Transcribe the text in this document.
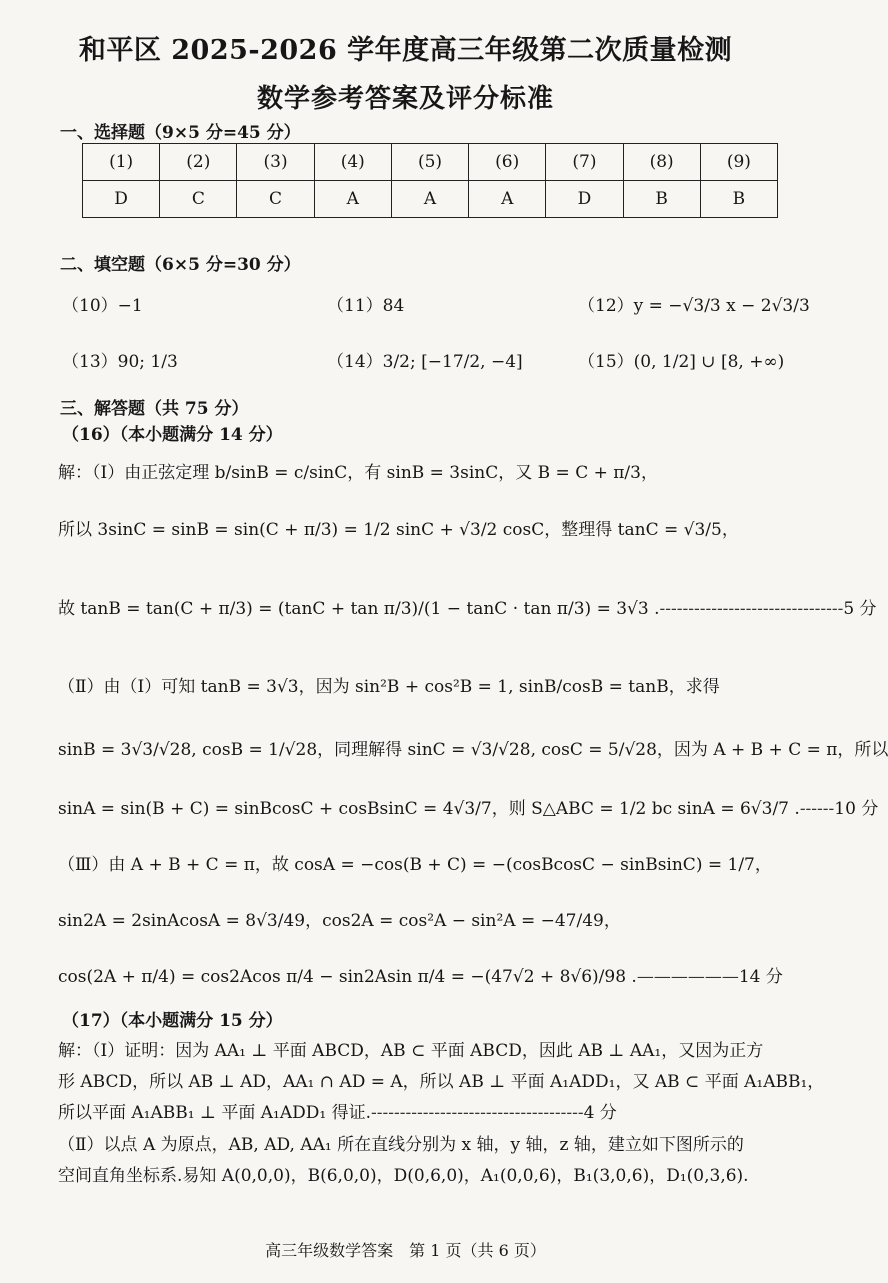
和平区 2025-2026 学年度高三年级第二次质量检测
数学参考答案及评分标准
一、选择题（9×5 分=45 分）
(1)	(2)	(3)	(4)	(5)	(6)	(7)	(8)	(9)
D	C	C	A	A	A	D	B	B
二、填空题（6×5 分=30 分）
（10）−1	（11）84	（12）y = −√3/3 x − 2√3/3
（13）90; 1/3	（14）3/2; [−17/2, −4]	（15）(0, 1/2] ∪ [8, +∞)
三、解答题（共 75 分）
（16）（本小题满分 14 分）
解：（Ⅰ）由正弦定理 b/sinB = c/sinC，有 sinB = 3sinC，又 B = C + π/3，
所以 3sinC = sinB = sin(C + π/3) = 1/2 sinC + √3/2 cosC，整理得 tanC = √3/5，
故 tanB = tan(C + π/3) = (tanC + tan π/3)/(1 − tanC · tan π/3) = 3√3 .--------------------------------5 分
（Ⅱ）由（Ⅰ）可知 tanB = 3√3，因为 sin²B + cos²B = 1, sinB/cosB = tanB，求得
sinB = 3√3/√28, cosB = 1/√28，同理解得 sinC = √3/√28, cosC = 5/√28，因为 A + B + C = π，所以
sinA = sin(B + C) = sinBcosC + cosBsinC = 4√3/7，则 S△ABC = 1/2 bc sinA = 6√3/7 .------10 分
（Ⅲ）由 A + B + C = π，故 cosA = −cos(B + C) = −(cosBcosC − sinBsinC) = 1/7，
sin2A = 2sinAcosA = 8√3/49，cos2A = cos²A − sin²A = −47/49，
cos(2A + π/4) = cos2Acos π/4 − sin2Asin π/4 = −(47√2 + 8√6)/98 .——————14 分
（17）（本小题满分 15 分）
解：（Ⅰ）证明：因为 AA₁ ⊥ 平面 ABCD，AB ⊂ 平面 ABCD，因此 AB ⊥ AA₁，又因为正方
形 ABCD，所以 AB ⊥ AD，AA₁ ∩ AD = A，所以 AB ⊥ 平面 A₁ADD₁，又 AB ⊂ 平面 A₁ABB₁，
所以平面 A₁ABB₁ ⊥ 平面 A₁ADD₁ 得证.-------------------------------------4 分
（Ⅱ）以点 A 为原点，AB, AD, AA₁ 所在直线分别为 x 轴，y 轴，z 轴，建立如下图所示的
空间直角坐标系.易知 A(0,0,0)，B(6,0,0)，D(0,6,0)，A₁(0,0,6)，B₁(3,0,6)，D₁(0,3,6).
高三年级数学答案　第 1 页（共 6 页）
